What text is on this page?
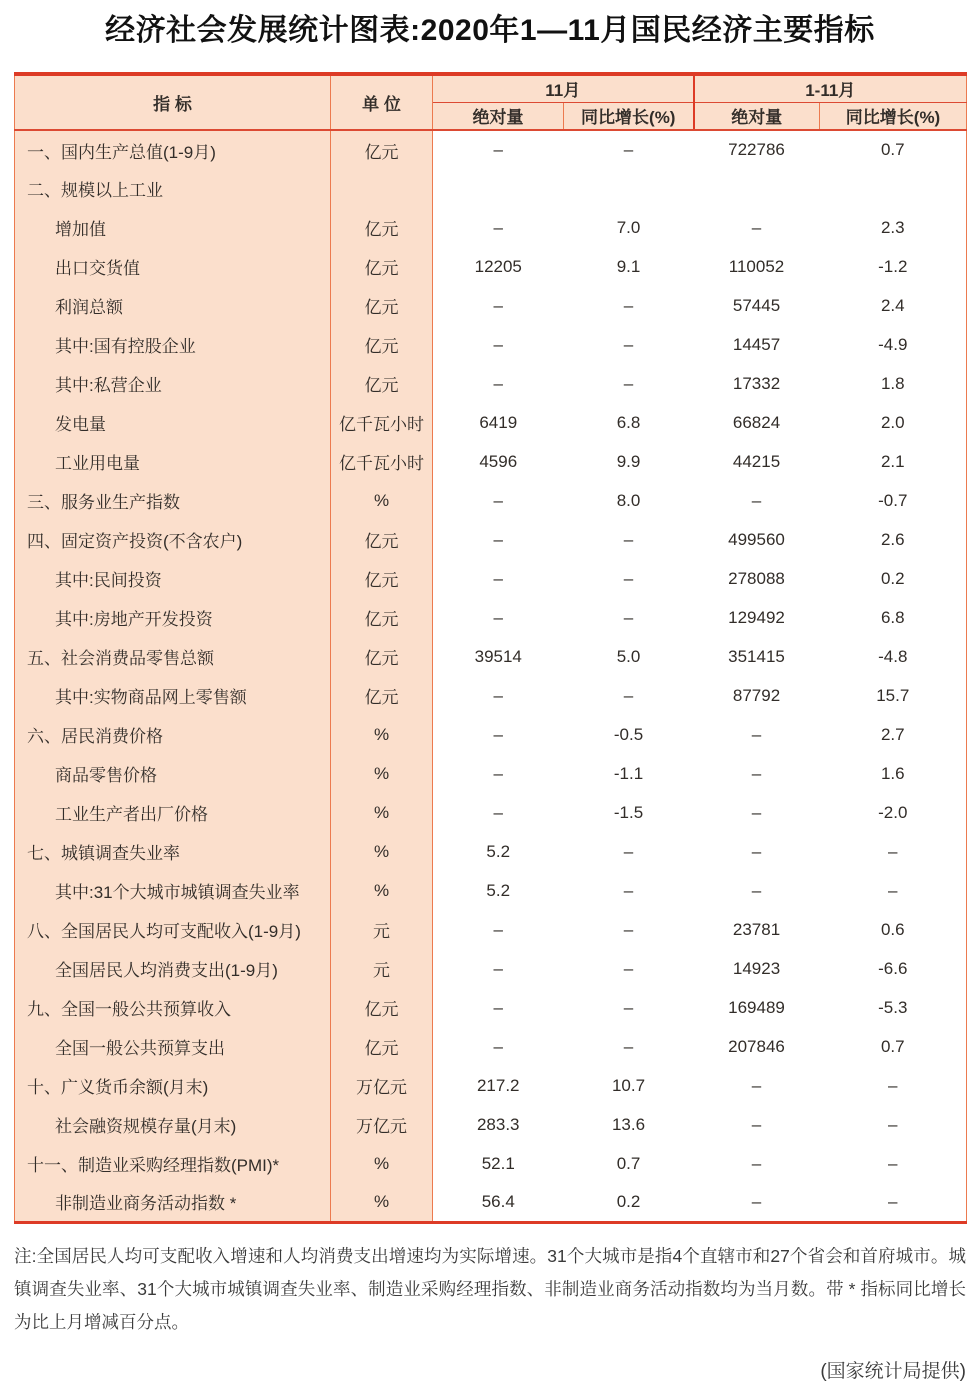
经济社会发展统计图表:2020年1—11月国民经济主要指标
指 标	单 位	11月		1-11月	
		绝对量	同比增长(%)	绝对量	同比增长(%)
一、国内生产总值(1-9月)	亿元	–	–	722786	0.7
二、规模以上工业					
增加值	亿元	–	7.0	–	2.3
出口交货值	亿元	12205	9.1	110052	-1.2
利润总额	亿元	–	–	57445	2.4
其中:国有控股企业	亿元	–	–	14457	-4.9
其中:私营企业	亿元	–	–	17332	1.8
发电量	亿千瓦小时	6419	6.8	66824	2.0
工业用电量	亿千瓦小时	4596	9.9	44215	2.1
三、服务业生产指数	%	–	8.0	–	-0.7
四、固定资产投资(不含农户)	亿元	–	–	499560	2.6
其中:民间投资	亿元	–	–	278088	0.2
其中:房地产开发投资	亿元	–	–	129492	6.8
五、社会消费品零售总额	亿元	39514	5.0	351415	-4.8
其中:实物商品网上零售额	亿元	–	–	87792	15.7
六、居民消费价格	%	–	-0.5	–	2.7
商品零售价格	%	–	-1.1	–	1.6
工业生产者出厂价格	%	–	-1.5	–	-2.0
七、城镇调查失业率	%	5.2	–	–	–
其中:31个大城市城镇调查失业率	%	5.2	–	–	–
八、全国居民人均可支配收入(1-9月)	元	–	–	23781	0.6
全国居民人均消费支出(1-9月)	元	–	–	14923	-6.6
九、全国一般公共预算收入	亿元	–	–	169489	-5.3
全国一般公共预算支出	亿元	–	–	207846	0.7
十、广义货币余额(月末)	万亿元	217.2	10.7	–	–
社会融资规模存量(月末)	万亿元	283.3	13.6	–	–
十一、制造业采购经理指数(PMI)*	%	52.1	0.7	–	–
非制造业商务活动指数 *	%	56.4	0.2	–	–

注:全国居民人均可支配收入增速和人均消费支出增速均为实际增速。31个大城市是指4个直辖市和27个省会和首府城市。城镇调查失业率、31个大城市城镇调查失业率、制造业采购经理指数、非制造业商务活动指数均为当月数。带 * 指标同比增长为比上月增减百分点。

(国家统计局提供)
